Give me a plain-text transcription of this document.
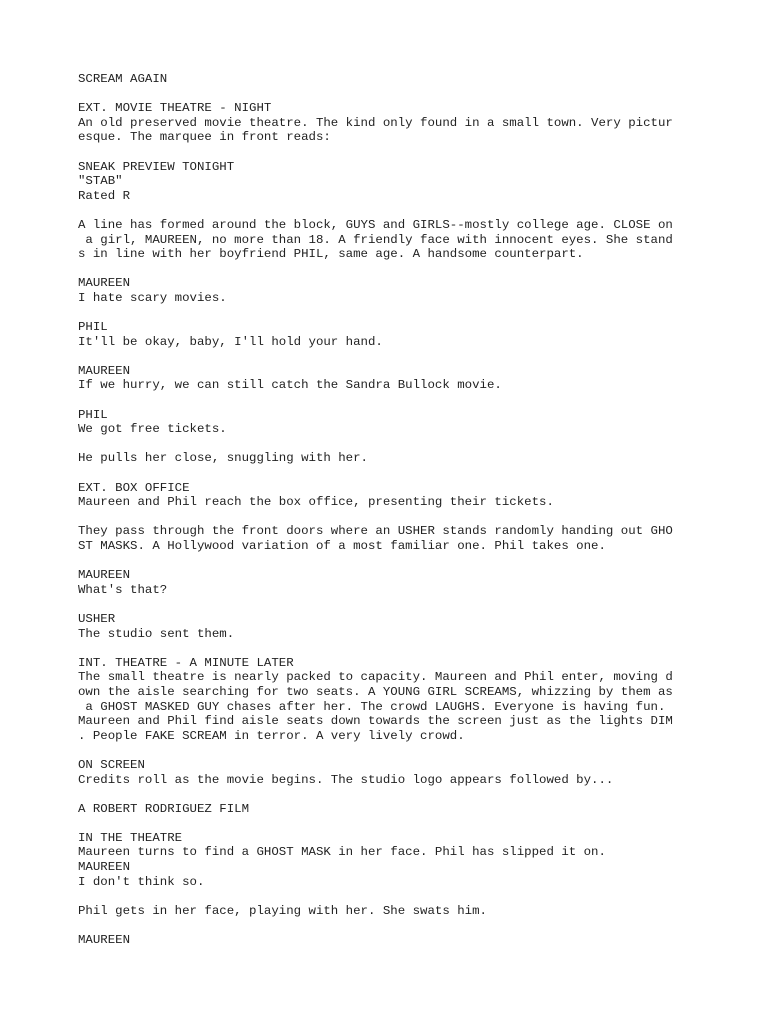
SCREAM AGAIN
EXT. MOVIE THEATRE - NIGHT
An old preserved movie theatre. The kind only found in a small town. Very pictur
esque. The marquee in front reads:
SNEAK PREVIEW TONIGHT
"STAB"
Rated R
A line has formed around the block, GUYS and GIRLS--mostly college age. CLOSE on
a girl, MAUREEN, no more than 18. A friendly face with innocent eyes. She stand
s in line with her boyfriend PHIL, same age. A handsome counterpart.
MAUREEN
I hate scary movies.
PHIL
It'll be okay, baby, I'll hold your hand.
MAUREEN
If we hurry, we can still catch the Sandra Bullock movie.
PHIL
We got free tickets.
He pulls her close, snuggling with her.
EXT. BOX OFFICE
Maureen and Phil reach the box office, presenting their tickets.
They pass through the front doors where an USHER stands randomly handing out GHO
ST MASKS. A Hollywood variation of a most familiar one. Phil takes one.
MAUREEN
What's that?
USHER
The studio sent them.
INT. THEATRE - A MINUTE LATER
The small theatre is nearly packed to capacity. Maureen and Phil enter, moving d
own the aisle searching for two seats. A YOUNG GIRL SCREAMS, whizzing by them as
a GHOST MASKED GUY chases after her. The crowd LAUGHS. Everyone is having fun.
Maureen and Phil find aisle seats down towards the screen just as the lights DIM
. People FAKE SCREAM in terror. A very lively crowd.
ON SCREEN
Credits roll as the movie begins. The studio logo appears followed by...
A ROBERT RODRIGUEZ FILM
IN THE THEATRE
Maureen turns to find a GHOST MASK in her face. Phil has slipped it on.
MAUREEN
I don't think so.
Phil gets in her face, playing with her. She swats him.
MAUREEN
